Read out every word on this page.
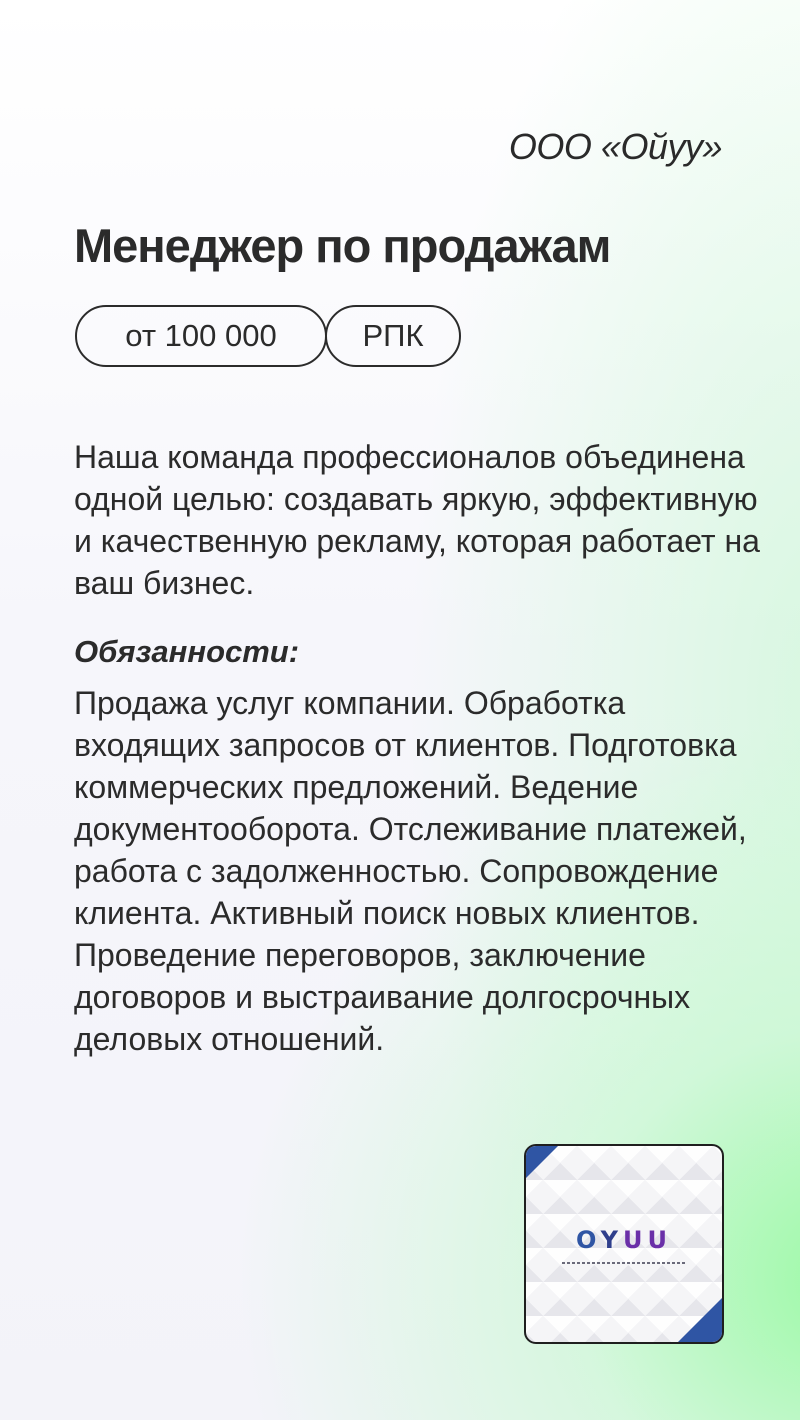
ООО «Ойуу»
Менеджер по продажам
от 100 000	РПК

Наша команда профессионалов объединена одной целью: создавать яркую, эффективную и качественную рекламу, которая работает на ваш бизнес.

Обязанности:

Продажа услуг компании. Обработка входящих запросов от клиентов. Подготовка коммерческих предложений. Ведение документооборота. Отслеживание платежей, работа с задолженностью. Сопровождение клиента. Активный поиск новых клиентов. Проведение переговоров, заключение договоров и выстраивание долгосрочных деловых отношений.

OYUU
